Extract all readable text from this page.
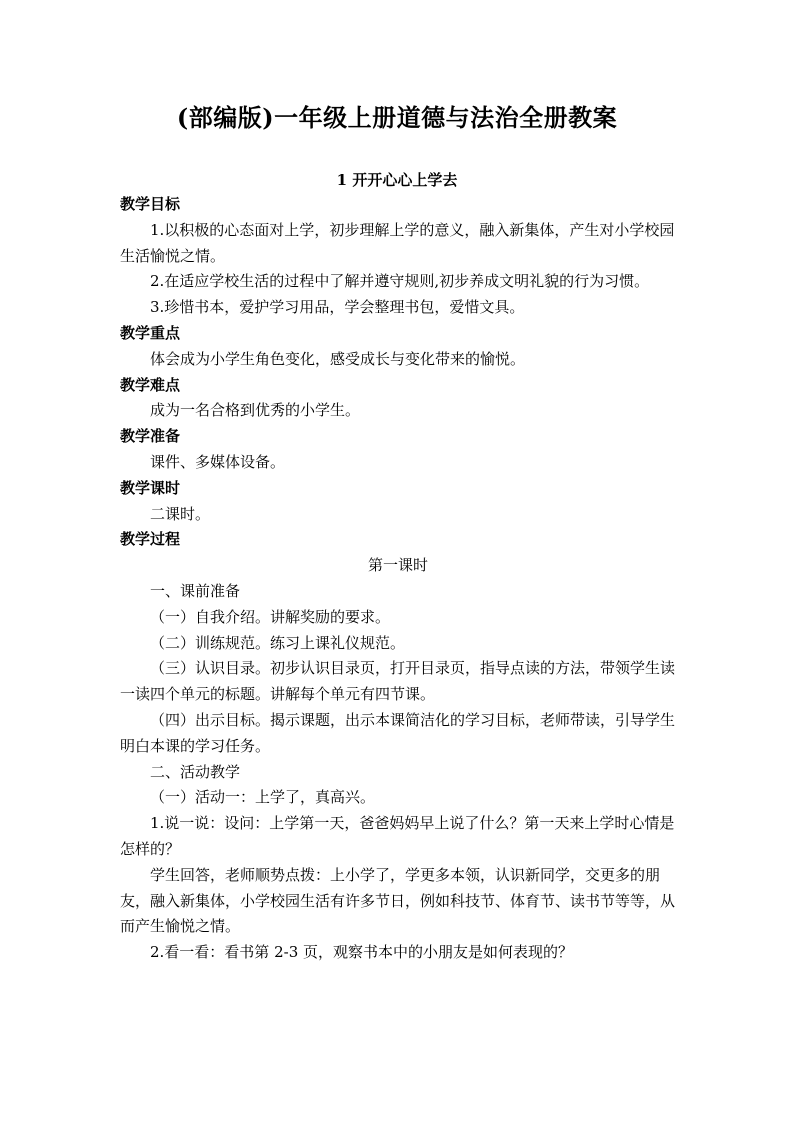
(部编版)一年级上册道德与法治全册教案
1 开开心心上学去

教学目标

1.以积极的心态面对上学，初步理解上学的意义，融入新集体，产生对小学校园生活愉悦之情。

2.在适应学校生活的过程中了解并遵守规则,初步养成文明礼貌的行为习惯。

3.珍惜书本，爱护学习用品，学会整理书包，爱惜文具。

教学重点

体会成为小学生角色变化，感受成长与变化带来的愉悦。

教学难点

成为一名合格到优秀的小学生。

教学准备

课件、多媒体设备。

教学课时

二课时。

教学过程

第一课时

一、课前准备

（一）自我介绍。讲解奖励的要求。

（二）训练规范。练习上课礼仪规范。

（三）认识目录。初步认识目录页，打开目录页，指导点读的方法，带领学生读一读四个单元的标题。讲解每个单元有四节课。

（四）出示目标。揭示课题，出示本课简洁化的学习目标，老师带读，引导学生明白本课的学习任务。

二、活动教学

（一）活动一：上学了，真高兴。

1.说一说：设问：上学第一天，爸爸妈妈早上说了什么？第一天来上学时心情是怎样的？

学生回答，老师顺势点拨：上小学了，学更多本领，认识新同学，交更多的朋友，融入新集体，小学校园生活有许多节日，例如科技节、体育节、读书节等等，从而产生愉悦之情。

2.看一看：看书第 2-3 页，观察书本中的小朋友是如何表现的？
